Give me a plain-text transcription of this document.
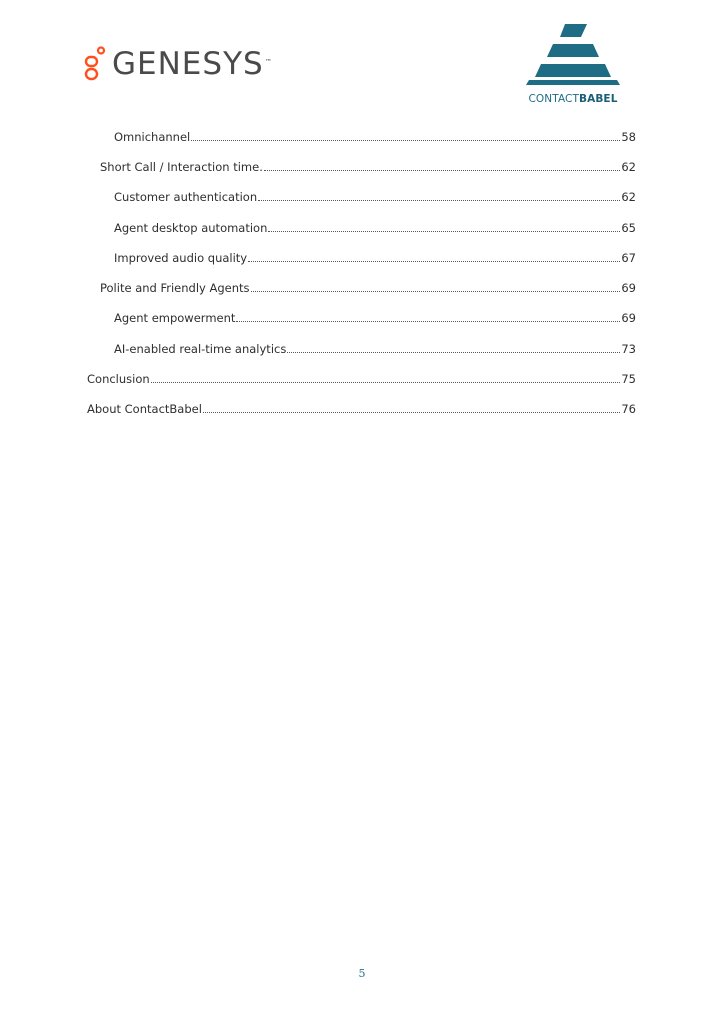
GENESYS ™
CONTACTBABEL
Omnichannel	58
Short Call / Interaction time.	62
Customer authentication	62
Agent desktop automation	65
Improved audio quality	67
Polite and Friendly Agents	69
Agent empowerment	69
AI-enabled real-time analytics	73
Conclusion	75
About ContactBabel	76
5
